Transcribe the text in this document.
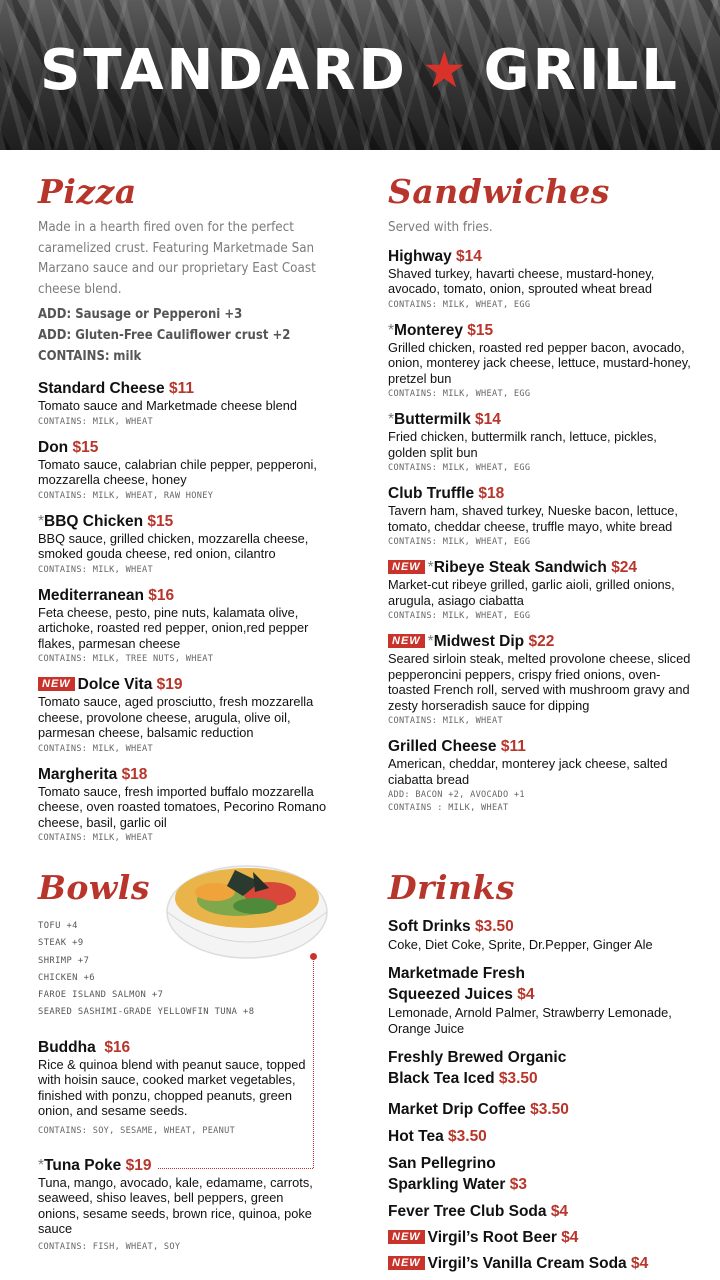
STANDARD ★ GRILL
Pizza
Made in a hearth fired oven for the perfect caramelized crust. Featuring Marketmade San Marzano sauce and our proprietary East Coast cheese blend.
ADD: Sausage or Pepperoni +3
ADD: Gluten-Free Cauliflower crust +2
CONTAINS: milk
Standard Cheese $11
Tomato sauce and Marketmade cheese blend
CONTAINS: MILK, WHEAT
Don $15
Tomato sauce, calabrian chile pepper, pepperoni, mozzarella cheese, honey
CONTAINS: MILK, WHEAT, RAW HONEY
*BBQ Chicken $15
BBQ sauce, grilled chicken, mozzarella cheese, smoked gouda cheese, red onion, cilantro
CONTAINS: MILK, WHEAT
Mediterranean $16
Feta cheese, pesto, pine nuts, kalamata olive, artichoke, roasted red pepper, onion,red pepper flakes, parmesan cheese
CONTAINS: MILK, TREE NUTS, WHEAT
NEW Dolce Vita $19
Tomato sauce, aged prosciutto, fresh mozzarella cheese, provolone cheese, arugula, olive oil, parmesan cheese, balsamic reduction
CONTAINS: MILK, WHEAT
Margherita $18
Tomato sauce, fresh imported buffalo mozzarella cheese, oven roasted tomatoes, Pecorino Romano cheese, basil, garlic oil
CONTAINS: MILK, WHEAT
Sandwiches
Served with fries.
Highway $14
Shaved turkey, havarti cheese, mustard-honey, avocado, tomato, onion, sprouted wheat bread
CONTAINS: MILK, WHEAT, EGG
*Monterey $15
Grilled chicken, roasted red pepper bacon, avocado, onion, monterey jack cheese, lettuce, mustard-honey, pretzel bun
CONTAINS: MILK, WHEAT, EGG
*Buttermilk $14
Fried chicken, buttermilk ranch, lettuce, pickles, golden split bun
CONTAINS: MILK, WHEAT, EGG
Club Truffle $18
Tavern ham, shaved turkey, Nueske bacon, lettuce, tomato, cheddar cheese, truffle mayo, white bread
CONTAINS: MILK, WHEAT, EGG
NEW *Ribeye Steak Sandwich $24
Market-cut ribeye grilled, garlic aioli, grilled onions, arugula, asiago ciabatta
CONTAINS: MILK, WHEAT, EGG
NEW *Midwest Dip $22
Seared sirloin steak, melted provolone cheese, sliced pepperoncini peppers, crispy fried onions, oven-toasted French roll, served with mushroom gravy and zesty horseradish sauce for dipping
CONTAINS: MILK, WHEAT
Grilled Cheese $11
American, cheddar, monterey jack cheese, salted ciabatta bread
ADD: BACON +2, AVOCADO +1
CONTAINS : MILK, WHEAT
Bowls
TOFU +4
STEAK +9
SHRIMP +7
CHICKEN +6
FAROE ISLAND SALMON +7
SEARED SASHIMI-GRADE YELLOWFIN TUNA +8
Buddha $16
Rice & quinoa blend with peanut sauce, topped with hoisin sauce, cooked market vegetables, finished with ponzu, chopped peanuts, green onion, and sesame seeds.
CONTAINS: SOY, SESAME, WHEAT, PEANUT
*Tuna Poke $19
Tuna, mango, avocado, kale, edamame, carrots, seaweed, shiso leaves, bell peppers, green onions, sesame seeds, brown rice, quinoa, poke sauce
CONTAINS: FISH, WHEAT, SOY
Drinks
Soft Drinks $3.50
Coke, Diet Coke, Sprite, Dr.Pepper, Ginger Ale
Marketmade Fresh
Squeezed Juices $4
Lemonade, Arnold Palmer, Strawberry Lemonade, Orange Juice
Freshly Brewed Organic
Black Tea Iced $3.50
Market Drip Coffee $3.50
Hot Tea $3.50
San Pellegrino
Sparkling Water $3
Fever Tree Club Soda $4
NEW Virgil’s Root Beer $4
NEW Virgil’s Vanilla Cream Soda $4
